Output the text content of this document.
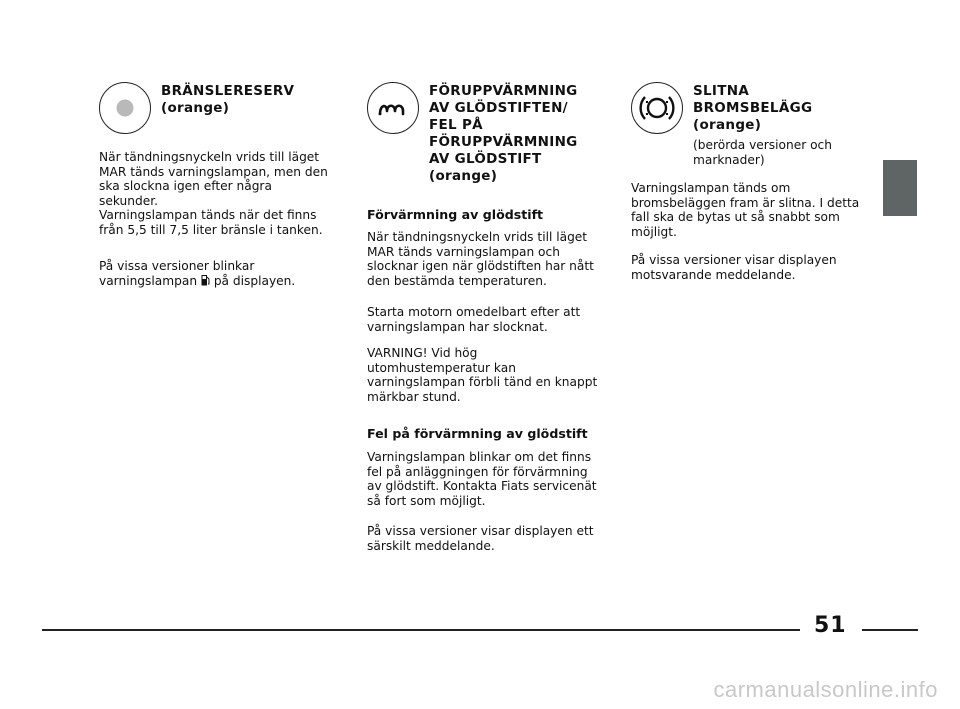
BRÄNSLERESERV
(orange)

När tändningsnyckeln vrids till läget
MAR tänds varningslampan, men den
ska slockna igen efter några
sekunder.
Varningslampan tänds när det finns
från 5,5 till 7,5 liter bränsle i tanken.

På vissa versioner blinkar
varningslampan på displayen.

FÖRUPPVÄRMNING
AV GLÖDSTIFTEN/
FEL PÅ
FÖRUPPVÄRMNING
AV GLÖDSTIFT
(orange)

Förvärmning av glödstift

När tändningsnyckeln vrids till läget
MAR tänds varningslampan och
slocknar igen när glödstiften har nått
den bestämda temperaturen.

Starta motorn omedelbart efter att
varningslampan har slocknat.

VARNING! Vid hög
utomhustemperatur kan
varningslampan förbli tänd en knappt
märkbar stund.

Fel på förvärmning av glödstift

Varningslampan blinkar om det finns
fel på anläggningen för förvärmning
av glödstift. Kontakta Fiats servicenät
så fort som möjligt.

På vissa versioner visar displayen ett
särskilt meddelande.

SLITNA
BROMSBELÄGG
(orange)

(berörda versioner och
marknader)

Varningslampan tänds om
bromsbeläggen fram är slitna. I detta
fall ska de bytas ut så snabbt som
möjligt.

På vissa versioner visar displayen
motsvarande meddelande.

51
carmanualsonline.info
